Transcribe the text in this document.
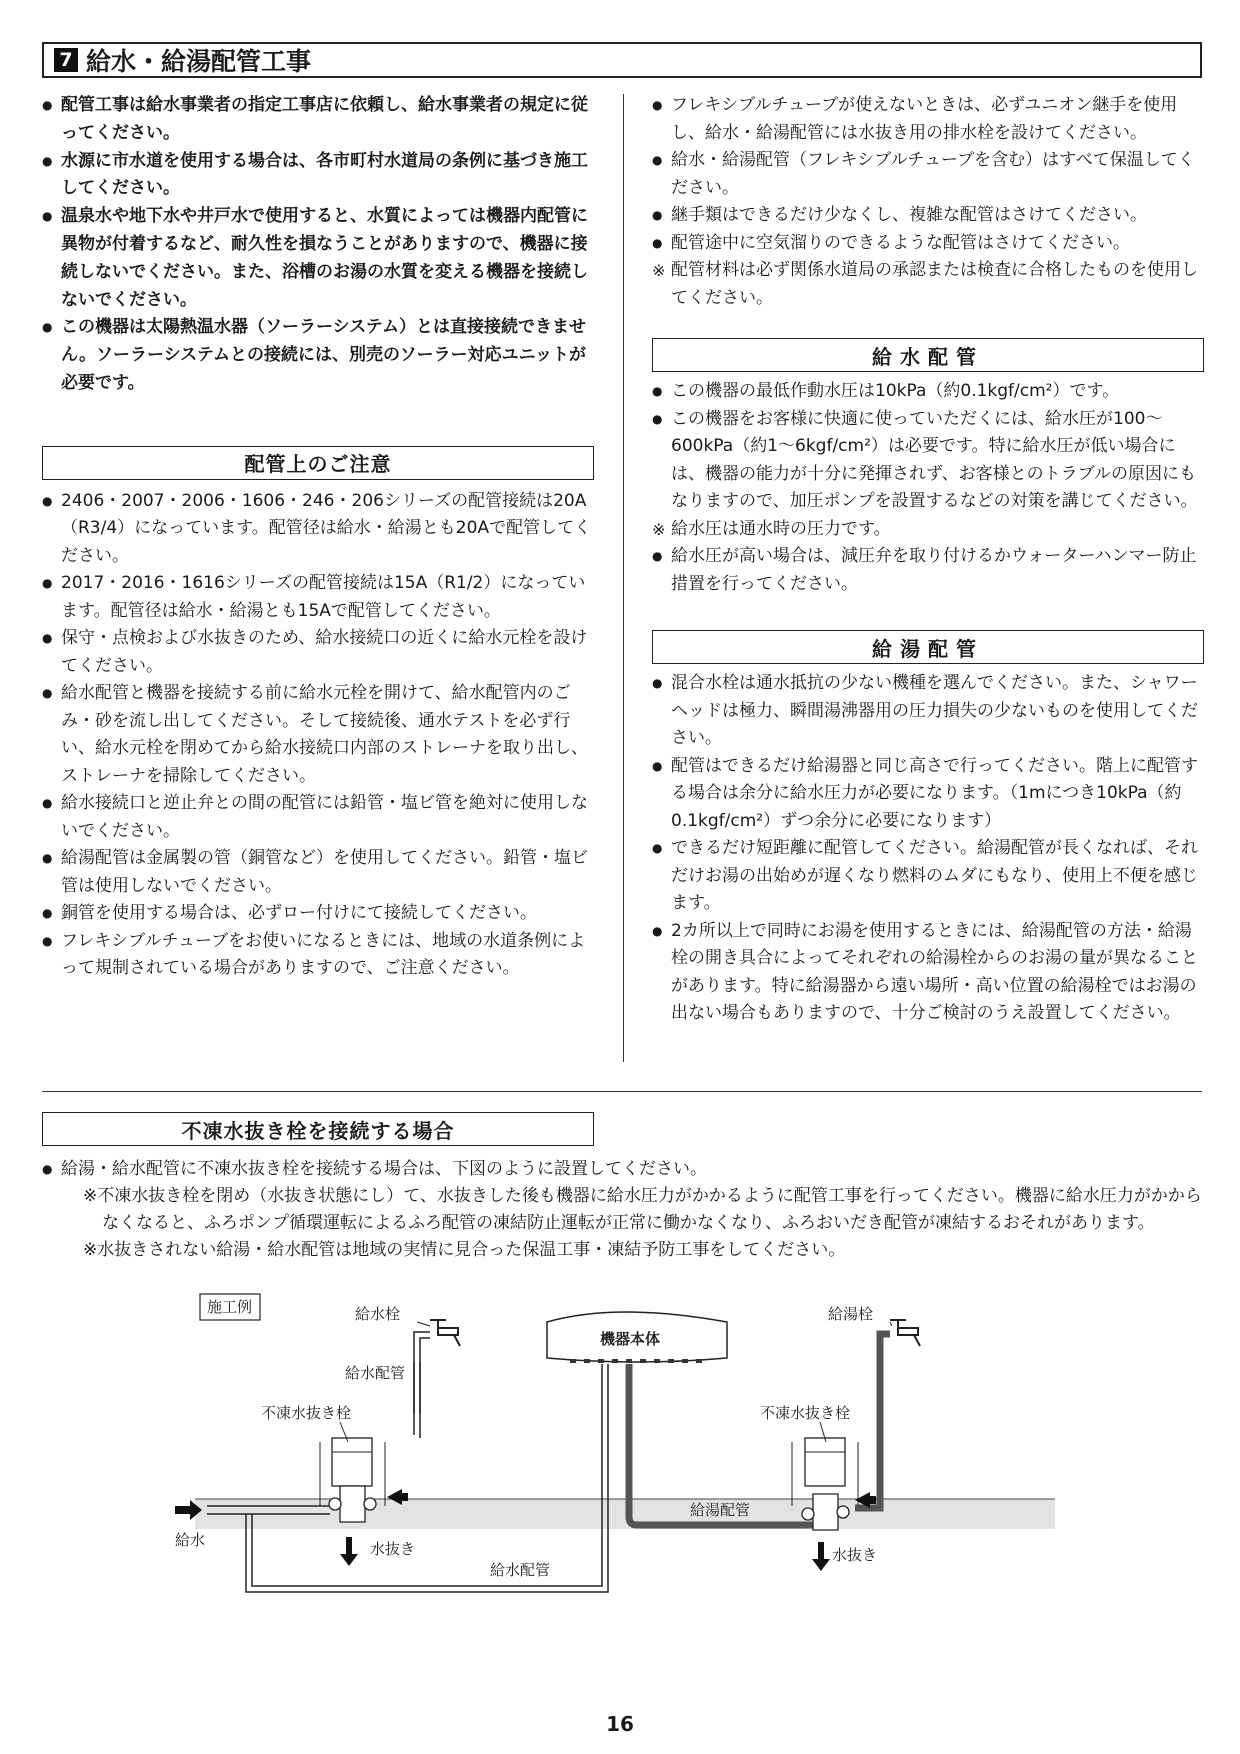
7 給水・給湯配管工事
● 配管工事は給水事業者の指定工事店に依頼し、給水事業者の規定に従ってください。
● 水源に市水道を使用する場合は、各市町村水道局の条例に基づき施工してください。
● 温泉水や地下水や井戸水で使用すると、水質によっては機器内配管に異物が付着するなど、耐久性を損なうことがありますので、機器に接続しないでください。また、浴槽のお湯の水質を変える機器を接続しないでください。
● この機器は太陽熱温水器（ソーラーシステム）とは直接接続できません。ソーラーシステムとの接続には、別売のソーラー対応ユニットが必要です。
配管上のご注意
● 2406・2007・2006・1606・246・206シリーズの配管接続は20A（R3/4）になっています。配管径は給水・給湯とも20Aで配管してください。
● 2017・2016・1616シリーズの配管接続は15A（R1/2）になっています。配管径は給水・給湯とも15Aで配管してください。
● 保守・点検および水抜きのため、給水接続口の近くに給水元栓を設けてください。
● 給水配管と機器を接続する前に給水元栓を開けて、給水配管内のごみ・砂を流し出してください。そして接続後、通水テストを必ず行い、給水元栓を閉めてから給水接続口内部のストレーナを取り出し、ストレーナを掃除してください。
● 給水接続口と逆止弁との間の配管には鉛管・塩ビ管を絶対に使用しないでください。
● 給湯配管は金属製の管（銅管など）を使用してください。鉛管・塩ビ管は使用しないでください。
● 銅管を使用する場合は、必ずロー付けにて接続してください。
● フレキシブルチューブをお使いになるときには、地域の水道条例によって規制されている場合がありますので、ご注意ください。
● フレキシブルチューブが使えないときは、必ずユニオン継手を使用し、給水・給湯配管には水抜き用の排水栓を設けてください。
● 給水・給湯配管（フレキシブルチューブを含む）はすべて保温してください。
● 継手類はできるだけ少なくし、複雑な配管はさけてください。
● 配管途中に空気溜りのできるような配管はさけてください。
※ 配管材料は必ず関係水道局の承認または検査に合格したものを使用してください。
給水配管
● この機器の最低作動水圧は10kPa（約0.1kgf/cm²）です。
● この機器をお客様に快適に使っていただくには、給水圧が100～600kPa（約1～6kgf/cm²）は必要です。特に給水圧が低い場合には、機器の能力が十分に発揮されず、お客様とのトラブルの原因にもなりますので、加圧ポンプを設置するなどの対策を講じてください。
※ 給水圧は通水時の圧力です。
● 給水圧が高い場合は、減圧弁を取り付けるかウォーターハンマー防止措置を行ってください。
給湯配管
● 混合水栓は通水抵抗の少ない機種を選んでください。また、シャワーヘッドは極力、瞬間湯沸器用の圧力損失の少ないものを使用してください。
● 配管はできるだけ給湯器と同じ高さで行ってください。階上に配管する場合は余分に給水圧力が必要になります。（1mにつき10kPa（約0.1kgf/cm²）ずつ余分に必要になります）
● できるだけ短距離に配管してください。給湯配管が長くなれば、それだけお湯の出始めが遅くなり燃料のムダにもなり、使用上不便を感じます。
● 2カ所以上で同時にお湯を使用するときには、給湯配管の方法・給湯栓の開き具合によってそれぞれの給湯栓からのお湯の量が異なることがあります。特に給湯器から遠い場所・高い位置の給湯栓ではお湯の出ない場合もありますので、十分ご検討のうえ設置してください。
不凍水抜き栓を接続する場合
● 給湯・給水配管に不凍水抜き栓を接続する場合は、下図のように設置してください。
※不凍水抜き栓を閉め（水抜き状態にし）て、水抜きした後も機器に給水圧力がかかるように配管工事を行ってください。機器に給水圧力がかからなくなると、ふろポンプ循環運転によるふろ配管の凍結防止運転が正常に働かなくなり、ふろおいだき配管が凍結するおそれがあります。
※水抜きされない給湯・給水配管は地域の実情に見合った保温工事・凍結予防工事をしてください。
施工例
機器本体
給水栓	給湯栓
給水配管
不凍水抜き栓
給水	水抜き
給水配管
給湯配管
不凍水抜き栓
水抜き
16
